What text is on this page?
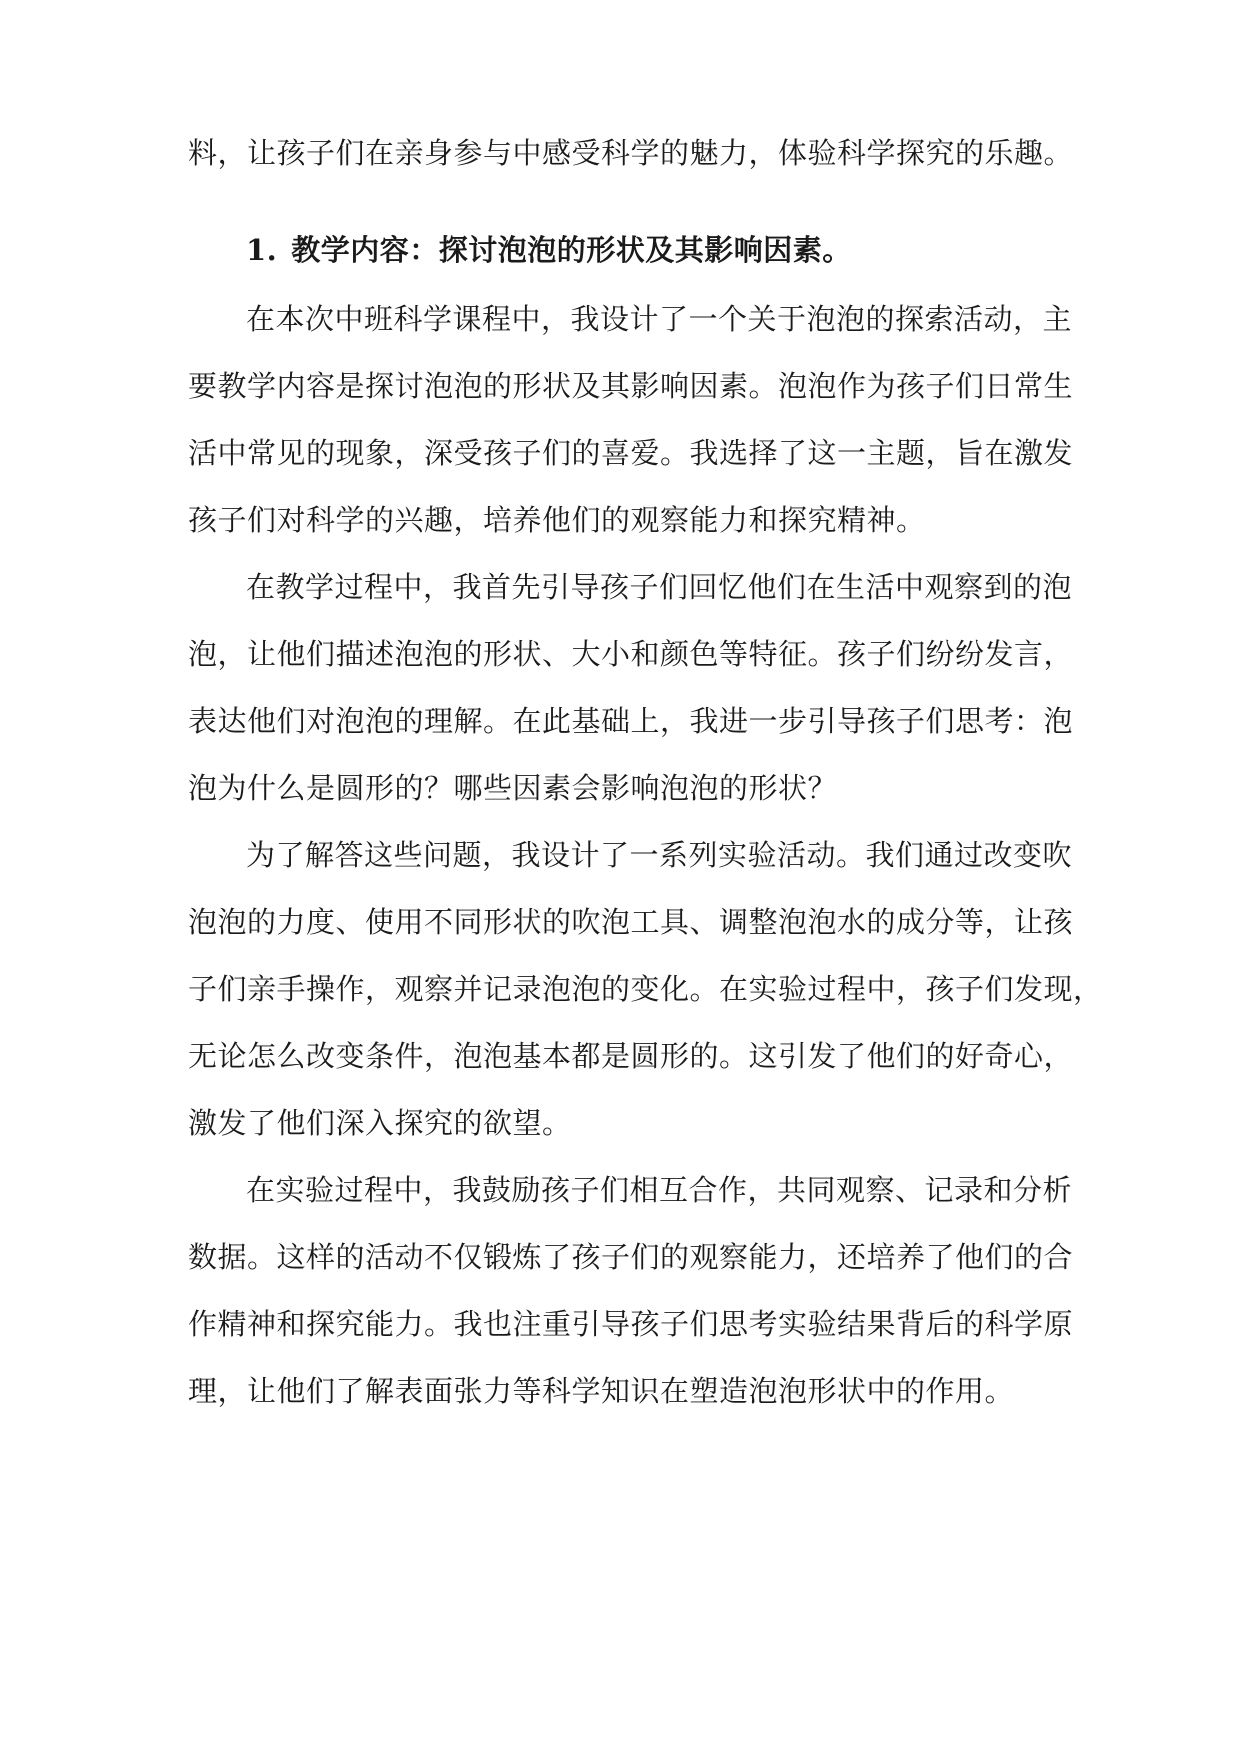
料，让孩子们在亲身参与中感受科学的魅力，体验科学探究的乐趣。
1. 教学内容：探讨泡泡的形状及其影响因素。
在本次中班科学课程中，我设计了一个关于泡泡的探索活动，主
要教学内容是探讨泡泡的形状及其影响因素。泡泡作为孩子们日常生
活中常见的现象，深受孩子们的喜爱。我选择了这一主题，旨在激发
孩子们对科学的兴趣，培养他们的观察能力和探究精神。
在教学过程中，我首先引导孩子们回忆他们在生活中观察到的泡
泡，让他们描述泡泡的形状、大小和颜色等特征。孩子们纷纷发言，
表达他们对泡泡的理解。在此基础上，我进一步引导孩子们思考：泡
泡为什么是圆形的？哪些因素会影响泡泡的形状？
为了解答这些问题，我设计了一系列实验活动。我们通过改变吹
泡泡的力度、使用不同形状的吹泡工具、调整泡泡水的成分等，让孩
子们亲手操作，观察并记录泡泡的变化。在实验过程中，孩子们发现，
无论怎么改变条件，泡泡基本都是圆形的。这引发了他们的好奇心，
激发了他们深入探究的欲望。
在实验过程中，我鼓励孩子们相互合作，共同观察、记录和分析
数据。这样的活动不仅锻炼了孩子们的观察能力，还培养了他们的合
作精神和探究能力。我也注重引导孩子们思考实验结果背后的科学原
理，让他们了解表面张力等科学知识在塑造泡泡形状中的作用。
